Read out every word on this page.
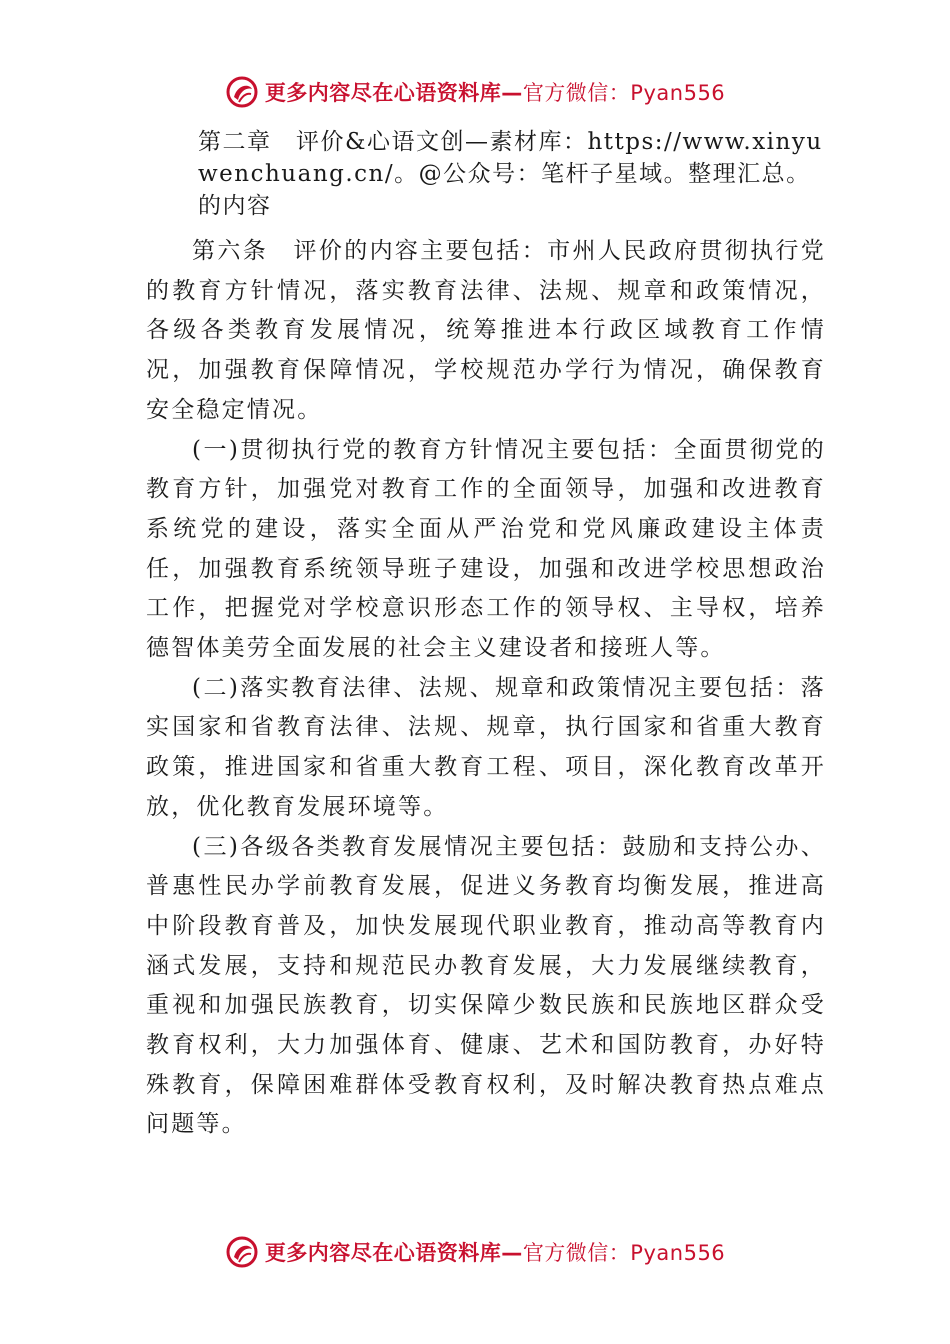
更多内容尽在心语资料库—官方微信：Pyan556

第二章　评价&心语文创—素材库：https://www.xinyuwenchuang.cn/。@公众号：笔杆子星域。整理汇总。的内容

第六条　评价的内容主要包括：市州人民政府贯彻执行党的教育方针情况，落实教育法律、法规、规章和政策情况，各级各类教育发展情况，统筹推进本行政区域教育工作情况，加强教育保障情况，学校规范办学行为情况，确保教育安全稳定情况。

(一)贯彻执行党的教育方针情况主要包括：全面贯彻党的教育方针，加强党对教育工作的全面领导，加强和改进教育系统党的建设，落实全面从严治党和党风廉政建设主体责任，加强教育系统领导班子建设，加强和改进学校思想政治工作，把握党对学校意识形态工作的领导权、主导权，培养德智体美劳全面发展的社会主义建设者和接班人等。

(二)落实教育法律、法规、规章和政策情况主要包括：落实国家和省教育法律、法规、规章，执行国家和省重大教育政策，推进国家和省重大教育工程、项目，深化教育改革开放，优化教育发展环境等。

(三)各级各类教育发展情况主要包括：鼓励和支持公办、普惠性民办学前教育发展，促进义务教育均衡发展，推进高中阶段教育普及，加快发展现代职业教育，推动高等教育内涵式发展，支持和规范民办教育发展，大力发展继续教育，重视和加强民族教育，切实保障少数民族和民族地区群众受教育权利，大力加强体育、健康、艺术和国防教育，办好特殊教育，保障困难群体受教育权利，及时解决教育热点难点问题等。

更多内容尽在心语资料库—官方微信：Pyan556
